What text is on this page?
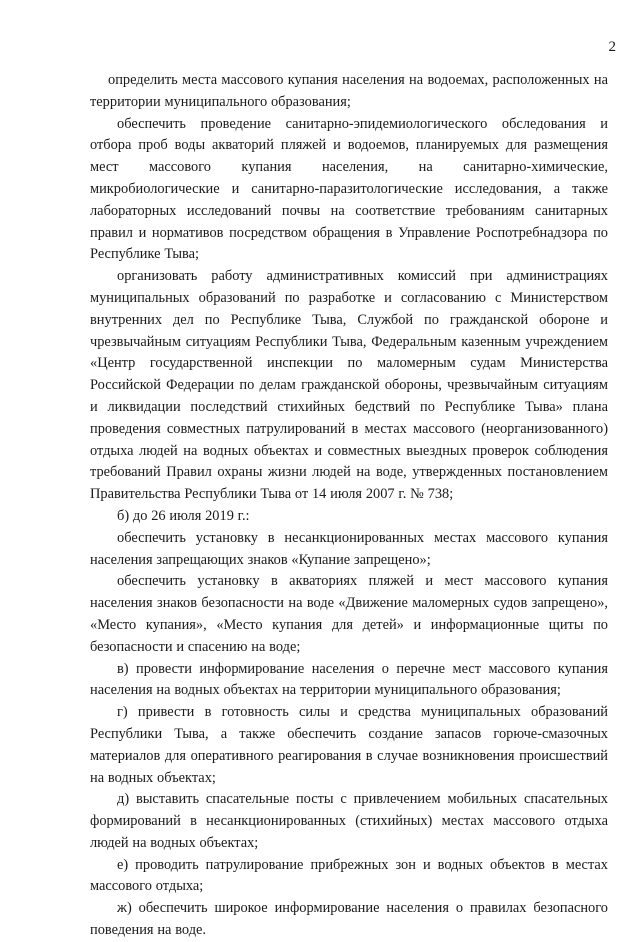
2

определить места массового купания населения на водоемах, расположенных на территории муниципального образования;

обеспечить проведение санитарно-эпидемиологического обследования и отбора проб воды акваторий пляжей и водоемов, планируемых для размещения мест массового купания населения, на санитарно-химические, микробиологические и санитарно-паразитологические исследования, а также лабораторных исследований почвы на соответствие требованиям санитарных правил и нормативов посредством обращения в Управление Роспотребнадзора по Республике Тыва;

организовать работу административных комиссий при администрациях муниципальных образований по разработке и согласованию с Министерством внутренних дел по Республике Тыва, Службой по гражданской обороне и чрезвычайным ситуациям Республики Тыва, Федеральным казенным учреждением «Центр государственной инспекции по маломерным судам Министерства Российской Федерации по делам гражданской обороны, чрезвычайным ситуациям и ликвидации последствий стихийных бедствий по Республике Тыва» плана проведения совместных патрулирований в местах массового (неорганизованного) отдыха людей на водных объектах и совместных выездных проверок соблюдения требований Правил охраны жизни людей на воде, утвержденных постановлением Правительства Республики Тыва от 14 июля 2007 г. № 738;

б) до 26 июля 2019 г.:

обеспечить установку в несанкционированных местах массового купания населения запрещающих знаков «Купание запрещено»;

обеспечить установку в акваториях пляжей и мест массового купания населения знаков безопасности на воде «Движение маломерных судов запрещено», «Место купания», «Место купания для детей» и информационные щиты по безопасности и спасению на воде;

в) провести информирование населения о перечне мест массового купания населения на водных объектах на территории муниципального образования;

г) привести в готовность силы и средства муниципальных образований Республики Тыва, а также обеспечить создание запасов горюче-смазочных материалов для оперативного реагирования в случае возникновения происшествий на водных объектах;

д) выставить спасательные посты с привлечением мобильных спасательных формирований в несанкционированных (стихийных) местах массового отдыха людей на водных объектах;

е) проводить патрулирование прибрежных зон и водных объектов в местах массового отдыха;

ж) обеспечить широкое информирование населения о правилах безопасного поведения на воде.
